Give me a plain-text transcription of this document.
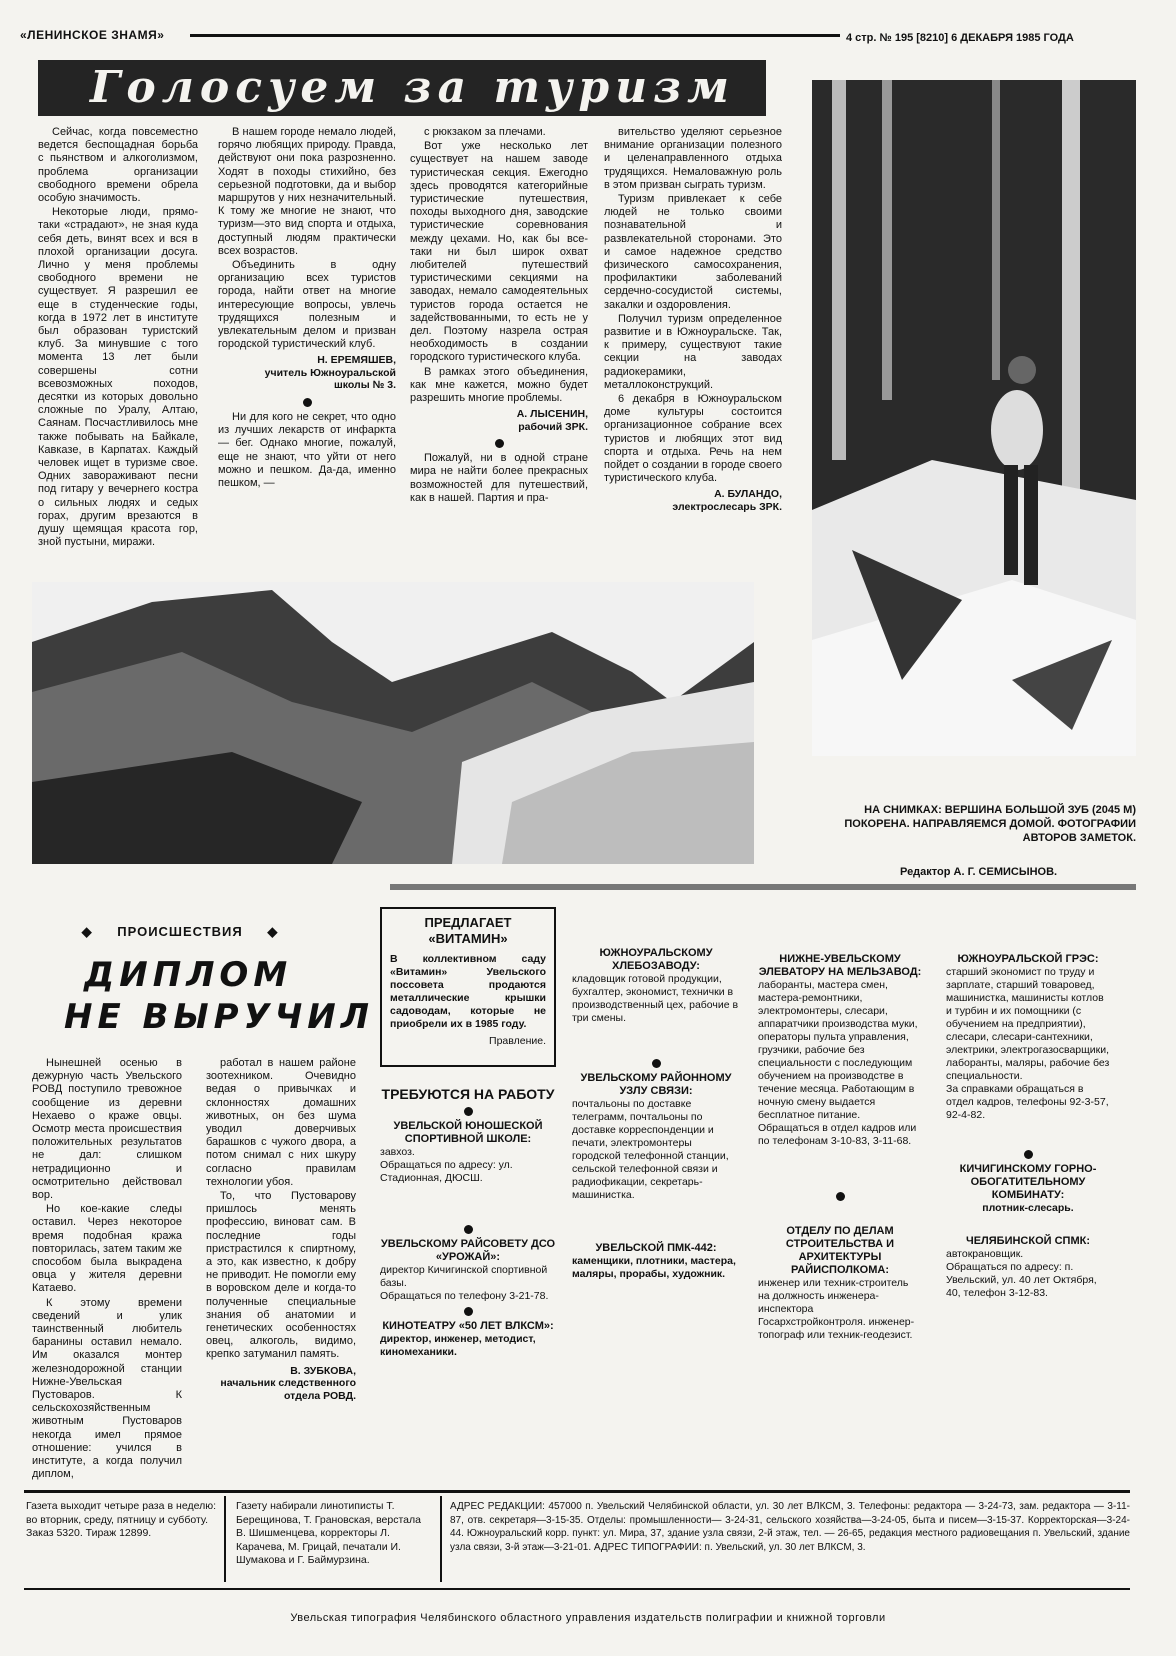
«ЛЕНИНСКОЕ ЗНАМЯ»	4 стр. № 195 [8210] 6 ДЕКАБРЯ 1985 ГОДА
Голосуем за туризм

Сейчас, когда повсеместно ведется беспощадная борьба с пьянством и алкоголизмом, проблема организации свободного времени обрела особую значимость.

Некоторые люди, прямо-таки «страдают», не зная куда себя деть, винят всех и вся в плохой организации досуга. Лично у меня проблемы свободного времени не существует. Я разрешил ее еще в студенческие годы, когда в 1972 лет в институте был образован туристский клуб. За минувшие с того момента 13 лет были совершены сотни всевозможных походов, десятки из которых довольно сложные по Уралу, Алтаю, Саянам. Посчастливилось мне также побывать на Байкале, Кавказе, в Карпатах. Каждый человек ищет в туризме свое. Одних завораживают песни под гитару у вечернего костра о сильных людях и седых горах, другим врезаются в душу щемящая красота гор, зной пустыни, миражи.

В нашем городе немало людей, горячо любящих природу. Правда, действуют они пока разрозненно. Ходят в походы стихийно, без серьезной подготовки, да и выбор маршрутов у них незначительный. К тому же многие не знают, что туризм—это вид спорта и отдыха, доступный людям практически всех возрастов.

Объединить в одну организацию всех туристов города, найти ответ на многие интересующие вопросы, увлечь трудящихся полезным и увлекательным делом и призван городской туристический клуб.

Н. ЕРЕМЯШЕВ,
учитель Южноуральской
школы № 3.

Ни для кого не секрет, что одно из лучших лекарств от инфаркта — бег. Однако многие, пожалуй, еще не знают, что уйти от него можно и пешком. Да-да, именно пешком, —

с рюкзаком за плечами.

Вот уже несколько лет существует на нашем заводе туристическая секция. Ежегодно здесь проводятся категорийные туристические путешествия, походы выходного дня, заводские туристические соревнования между цехами. Но, как бы все-таки ни был широк охват любителей путешествий туристическими секциями на заводах, немало самодеятельных туристов города остается не задействованными, то есть не у дел. Поэтому назрела острая необходимость в создании городского туристического клуба.

В рамках этого объединения, как мне кажется, можно будет разрешить многие проблемы.

А. ЛЫСЕНИН,
рабочий ЗРК.

Пожалуй, ни в одной стране мира не найти более прекрасных возможностей для путешествий, как в нашей. Партия и пра-

вительство уделяют серьезное внимание организации полезного и целенаправленного отдыха трудящихся. Немаловажную роль в этом призван сыграть туризм.

Туризм привлекает к себе людей не только своими познавательной и развлекательной сторонами. Это и самое надежное средство физического самосохранения, профилактики заболеваний сердечно-сосудистой системы, закалки и оздоровления.

Получил туризм определенное развитие и в Южноуральске. Так, к примеру, существуют такие секции на заводах радиокерамики, металлоконструкций.

6 декабря в Южноуральском доме культуры состоится организационное собрание всех туристов и любящих этот вид спорта и отдыха. Речь на нем пойдет о создании в городе своего туристического клуба.

А. БУЛАНДО,
электрослесарь ЗРК.
НА СНИМКАХ: ВЕРШИНА БОЛЬШОЙ ЗУБ (2045 М) ПОКОРЕНА. НАПРАВЛЯЕМСЯ ДОМОЙ. ФОТОГРАФИИ АВТОРОВ ЗАМЕТОК.
Редактор А. Г. СЕМИСЫНОВ.
◆ ПРОИСШЕСТВИЯ ◆
ДИПЛОМ
НЕ ВЫРУЧИЛ

Нынешней осенью в дежурную часть Увельского РОВД поступило тревожное сообщение из деревни Нехаево о краже овцы. Осмотр места происшествия положительных результатов не дал: слишком нетрадиционно и осмотрительно действовал вор.

Но кое-какие следы оставил. Через некоторое время подобная кража повторилась, затем таким же способом была выкрадена овца у жителя деревни Катаево.

К этому времени сведений и улик таинственный любитель баранины оставил немало. Им оказался монтер железнодорожной станции Нижне-Увельская Пустоваров. К сельскохозяйственным животным Пустоваров некогда имел прямое отношение: учился в институте, а когда получил диплом,

работал в нашем районе зоотехником. Очевидно ведая о привычках и склонностях домашних животных, он без шума уводил доверчивых барашков с чужого двора, а потом снимал с них шкуру согласно правилам технологии убоя.

То, что Пустоварову пришлось менять профессию, виноват сам. В последние годы пристрастился к спиртному, а это, как известно, к добру не приводит. Не помогли ему в воровском деле и когда-то полученные специальные знания об анатомии и генетических особенностях овец, алкоголь, видимо, крепко затуманил память.

В. ЗУБКОВА,
начальник следственного отдела РОВД.
ПРЕДЛАГАЕТ «ВИТАМИН»
В коллективном саду «Витамин» Увельского поссовета продаются металлические крышки садоводам, которые не приобрели их в 1985 году.
Правление.
ТРЕБУЮТСЯ НА РАБОТУ
УВЕЛЬСКОЙ ЮНОШЕСКОЙ СПОРТИВНОЙ ШКОЛЕ:
завхоз.
Обращаться по адресу: ул. Стадионная, ДЮСШ.
УВЕЛЬСКОМУ РАЙСОВЕТУ ДСО «УРОЖАЙ»:
директор Кичигинской спортивной базы.
Обращаться по телефону 3-21-78.
КИНОТЕАТРУ «50 ЛЕТ ВЛКСМ»:
директор, инженер, методист, киномеханики.
ЮЖНОУРАЛЬСКОМУ ХЛЕБОЗАВОДУ:
кладовщик готовой продукции, бухгалтер, экономист, технички в производственный цех, рабочие в три смены.
УВЕЛЬСКОМУ РАЙОННОМУ УЗЛУ СВЯЗИ:
почтальоны по доставке телеграмм, почтальоны по доставке корреспонденции и печати, электромонтеры городской телефонной станции, сельской телефонной связи и радиофикации, секретарь-машинистка.
УВЕЛЬСКОЙ ПМК-442:
каменщики, плотники, мастера, маляры, прорабы, художник.
НИЖНЕ-УВЕЛЬСКОМУ ЭЛЕВАТОРУ НА МЕЛЬЗАВОД:
лаборанты, мастера смен, мастера-ремонтники, электромонтеры, слесари, аппаратчики производства муки, операторы пульта управления, грузчики, рабочие без специальности с последующим обучением на производстве в течение месяца. Работающим в ночную смену выдается бесплатное питание.
Обращаться в отдел кадров или по телефонам 3-10-83, 3-11-68.
ОТДЕЛУ ПО ДЕЛАМ СТРОИТЕЛЬСТВА И АРХИТЕКТУРЫ РАЙИСПОЛКОМА:
инженер или техник-строитель на должность инженера-инспектора Госархстройконтроля. инженер-топограф или техник-геодезист.
ЮЖНОУРАЛЬСКОЙ ГРЭС:
старший экономист по труду и зарплате, старший товаровед, машинистка, машинисты котлов и турбин и их помощники (с обучением на предприятии), слесари, слесари-сантехники, электрики, электрогазосварщики, лаборанты, маляры, рабочие без специальности.
За справками обращаться в отдел кадров, телефоны 92-3-57, 92-4-82.
КИЧИГИНСКОМУ ГОРНО-ОБОГАТИТЕЛЬНОМУ КОМБИНАТУ:
плотник-слесарь.
ЧЕЛЯБИНСКОЙ СПМК:
автокрановщик.
Обращаться по адресу: п. Увельский, ул. 40 лет Октября, 40, телефон 3-12-83.
Газета выходит четыре раза в неделю: во вторник, среду, пятницу и субботу.
Заказ 5320. Тираж 12899.
Газету набирали линотиписты Т. Берещинова, Т. Грановская, верстала В. Шишменцева, корректоры Л. Карачева, М. Грицай, печатали И. Шумакова и Г. Баймурзина.
АДРЕС РЕДАКЦИИ: 457000 п. Увельский Челябинской области, ул. 30 лет ВЛКСМ, 3. Телефоны: редактора — 3-24-73, зам. редактора — 3-11-87, отв. секретаря—3-15-35. Отделы: промышленности— 3-24-31, сельского хозяйства—3-24-05, быта и писем—3-15-37. Корректорская—3-24-44. Южноуральский корр. пункт: ул. Мира, 37, здание узла связи, 2-й этаж, тел. — 26-65, редакция местного радиовещания п. Увельский, здание узла связи, 3-й этаж—3-21-01. АДРЕС ТИПОГРАФИИ: п. Увельский, ул. 30 лет ВЛКСМ, 3.
Увельская типография Челябинского областного управления издательств полиграфии и книжной торговли
